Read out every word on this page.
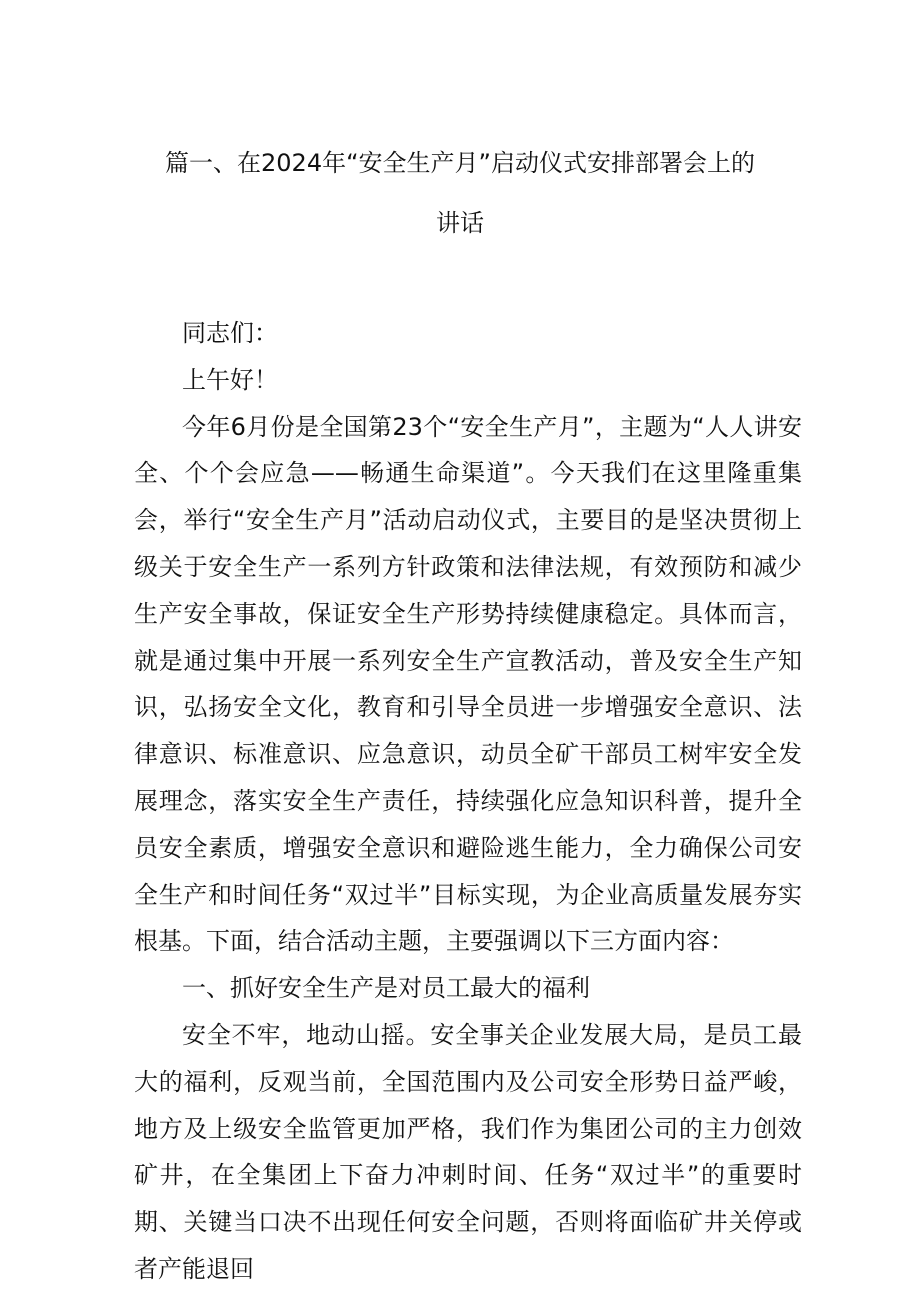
篇一、在2024年“安全生产月”启动仪式安排部署会上的
讲话

同志们：

上午好！

今年6月份是全国第23个“安全生产月”，主题为“人人讲安全、个个会应急——畅通生命渠道”。今天我们在这里隆重集会，举行“安全生产月”活动启动仪式，主要目的是坚决贯彻上级关于安全生产一系列方针政策和法律法规，有效预防和减少生产安全事故，保证安全生产形势持续健康稳定。具体而言，就是通过集中开展一系列安全生产宣教活动，普及安全生产知识，弘扬安全文化，教育和引导全员进一步增强安全意识、法律意识、标准意识、应急意识，动员全矿干部员工树牢安全发展理念，落实安全生产责任，持续强化应急知识科普，提升全员安全素质，增强安全意识和避险逃生能力，全力确保公司安全生产和时间任务“双过半”目标实现，为企业高质量发展夯实根基。下面，结合活动主题，主要强调以下三方面内容：

一、抓好安全生产是对员工最大的福利

安全不牢，地动山摇。安全事关企业发展大局，是员工最大的福利，反观当前，全国范围内及公司安全形势日益严峻，地方及上级安全监管更加严格，我们作为集团公司的主力创效矿井，在全集团上下奋力冲刺时间、任务“双过半”的重要时期、关键当口决不出现任何安全问题，否则将面临矿井关停或者产能退回
